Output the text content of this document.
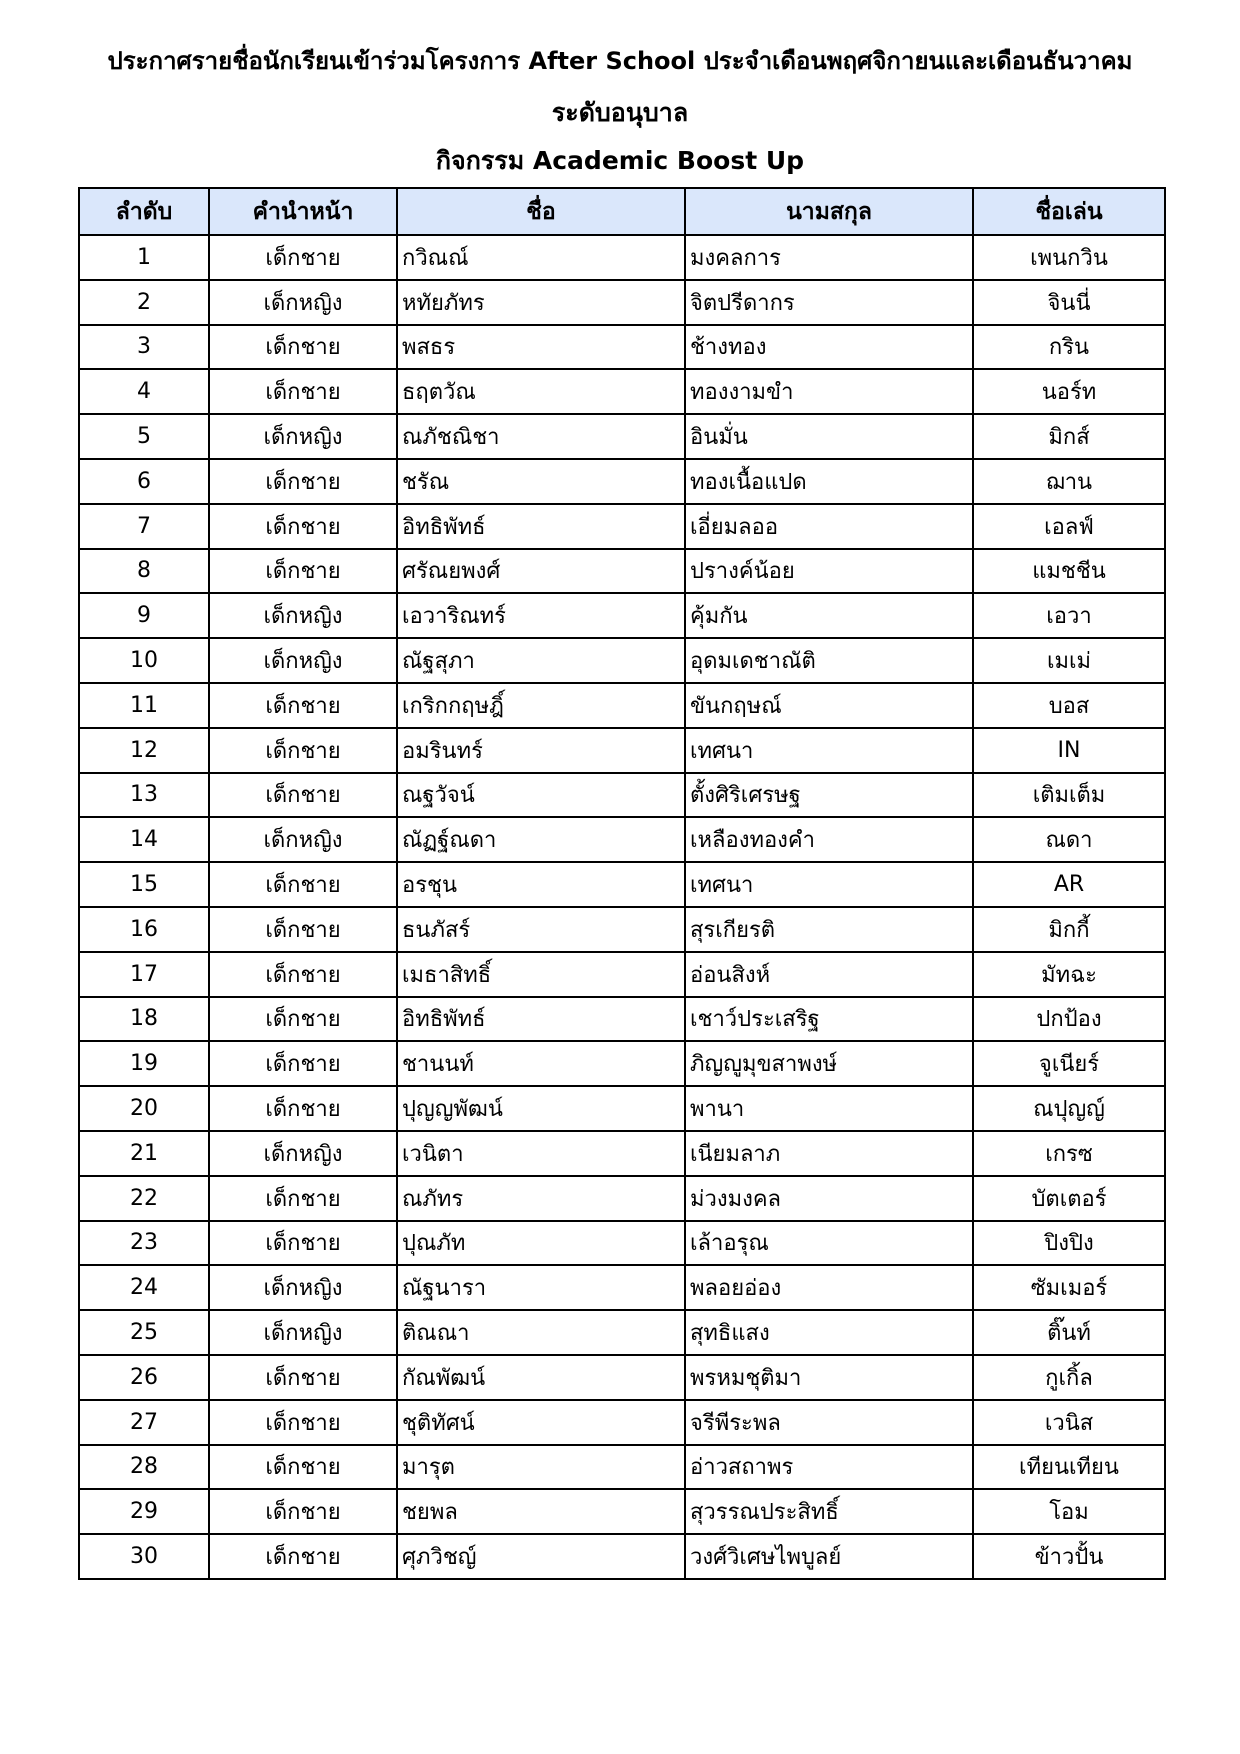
ประกาศรายชื่อนักเรียนเข้าร่วมโครงการ After School ประจำเดือนพฤศจิกายนและเดือนธันวาคม
ระดับอนุบาล
กิจกรรม Academic Boost Up
ลำดับ	คำนำหน้า	ชื่อ	นามสกุล	ชื่อเล่น
1	เด็กชาย	กวิณณ์	มงคลการ	เพนกวิน
2	เด็กหญิง	หทัยภัทร	จิตปรีดากร	จินนี่
3	เด็กชาย	พสธร	ช้างทอง	กริน
4	เด็กชาย	ธฤตวัณ	ทองงามขำ	นอร์ท
5	เด็กหญิง	ณภัชณิชา	อินมั่น	มิกส์
6	เด็กชาย	ชรัณ	ทองเนื้อแปด	ฌาน
7	เด็กชาย	อิทธิพัทธ์	เอี่ยมลออ	เอลฟ์
8	เด็กชาย	ศรัณยพงศ์	ปรางค์น้อย	แมชชีน
9	เด็กหญิง	เอวาริณทร์	คุ้มกัน	เอวา
10	เด็กหญิง	ณัฐสุภา	อุดมเดชาณัติ	เมเม่
11	เด็กชาย	เกริกกฤษฎิ์	ขันกฤษณ์	บอส
12	เด็กชาย	อมรินทร์	เทศนา	IN
13	เด็กชาย	ณฐวัจน์	ตั้งศิริเศรษฐ	เติมเต็ม
14	เด็กหญิง	ณัฏฐ์ณดา	เหลืองทองคำ	ณดา
15	เด็กชาย	อรชุน	เทศนา	AR
16	เด็กชาย	ธนภัสร์	สุรเกียรติ	มิกกี้
17	เด็กชาย	เมธาสิทธิ์	อ่อนสิงห์	มัทฉะ
18	เด็กชาย	อิทธิพัทธ์	เชาว์ประเสริฐ	ปกป้อง
19	เด็กชาย	ชานนท์	ภิญญูมุขสาพงษ์	จูเนียร์
20	เด็กชาย	ปุญญพัฒน์	พานา	ณปุญญ์
21	เด็กหญิง	เวนิตา	เนียมลาภ	เกรซ
22	เด็กชาย	ณภัทร	ม่วงมงคล	บัตเตอร์
23	เด็กชาย	ปุณภัท	เล้าอรุณ	ปิงปิง
24	เด็กหญิง	ณัฐนารา	พลอยอ่อง	ซัมเมอร์
25	เด็กหญิง	ติณณา	สุทธิแสง	ติ๊นท์
26	เด็กชาย	กัณพัฒน์	พรหมชุติมา	กูเกิ้ล
27	เด็กชาย	ชุติทัศน์	จรีพีระพล	เวนิส
28	เด็กชาย	มารุต	อ่าวสถาพร	เทียนเทียน
29	เด็กชาย	ชยพล	สุวรรณประสิทธิ์	โอม
30	เด็กชาย	ศุภวิชญ์	วงศ์วิเศษไพบูลย์	ข้าวปั้น
